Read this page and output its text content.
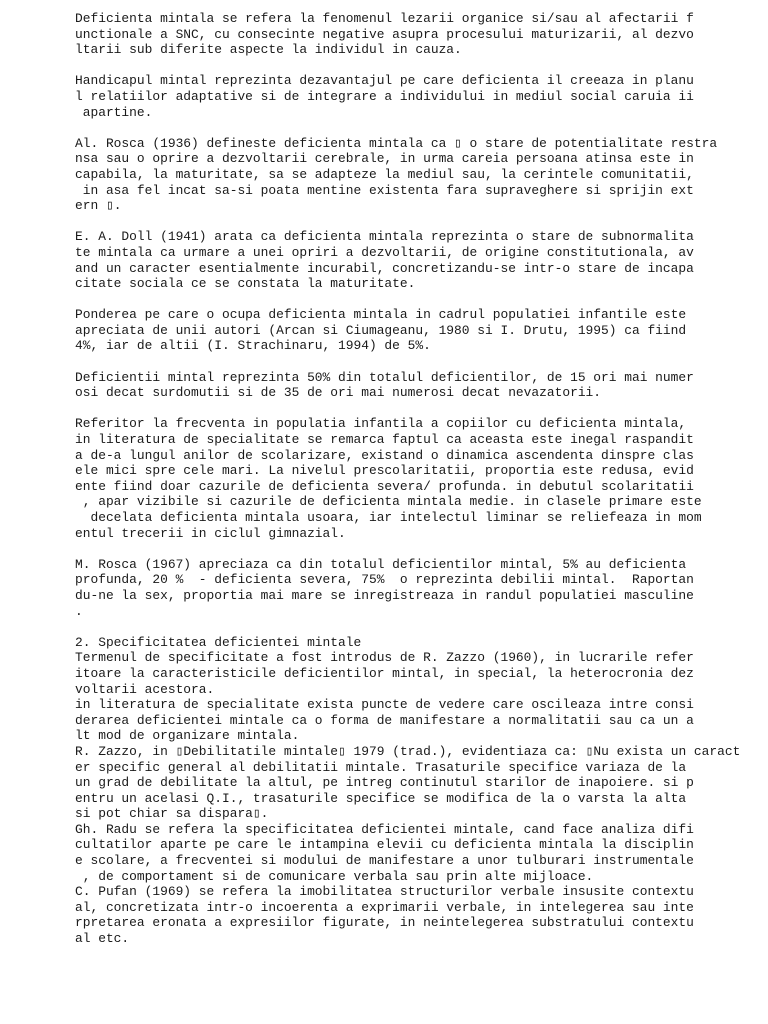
Deficienta mintala se refera la fenomenul lezarii organice si/sau al afectarii f
unctionale a SNC, cu consecinte negative asupra procesului maturizarii, al dezvo
ltarii sub diferite aspecte la individul in cauza.
Handicapul mintal reprezinta dezavantajul pe care deficienta il creeaza in planu
l relatiilor adaptative si de integrare a individului in mediul social caruia ii
apartine.
Al. Rosca (1936) defineste deficienta mintala ca ▯ o stare de potentialitate restra
nsa sau o oprire a dezvoltarii cerebrale, in urma careia persoana atinsa este in
capabila, la maturitate, sa se adapteze la mediul sau, la cerintele comunitatii,
in asa fel incat sa-si poata mentine existenta fara supraveghere si sprijin ext
ern ▯.
E. A. Doll (1941) arata ca deficienta mintala reprezinta o stare de subnormalita
te mintala ca urmare a unei opriri a dezvoltarii, de origine constitutionala, av
and un caracter esentialmente incurabil, concretizandu-se intr-o stare de incapa
citate sociala ce se constata la maturitate.
Ponderea pe care o ocupa deficienta mintala in cadrul populatiei infantile este
apreciata de unii autori (Arcan si Ciumageanu, 1980 si I. Drutu, 1995) ca fiind
4%, iar de altii (I. Strachinaru, 1994) de 5%.
Deficientii mintal reprezinta 50% din totalul deficientilor, de 15 ori mai numer
osi decat surdomutii si de 35 de ori mai numerosi decat nevazatorii.
Referitor la frecventa in populatia infantila a copiilor cu deficienta mintala,
in literatura de specialitate se remarca faptul ca aceasta este inegal raspandit
a de-a lungul anilor de scolarizare, existand o dinamica ascendenta dinspre clas
ele mici spre cele mari. La nivelul prescolaritatii, proportia este redusa, evid
ente fiind doar cazurile de deficienta severa/ profunda. in debutul scolaritatii
, apar vizibile si cazurile de deficienta mintala medie. in clasele primare este
decelata deficienta mintala usoara, iar intelectul liminar se reliefeaza in mom
entul trecerii in ciclul gimnazial.
M. Rosca (1967) apreciaza ca din totalul deficientilor mintal, 5% au deficienta
profunda, 20 %  - deficienta severa, 75%  o reprezinta debilii mintal.  Raportan
du-ne la sex, proportia mai mare se inregistreaza in randul populatiei masculine
.
2. Specificitatea deficientei mintale
Termenul de specificitate a fost introdus de R. Zazzo (1960), in lucrarile refer
itoare la caracteristicile deficientilor mintal, in special, la heterocronia dez
voltarii acestora.
in literatura de specialitate exista puncte de vedere care oscileaza intre consi
derarea deficientei mintale ca o forma de manifestare a normalitatii sau ca un a
lt mod de organizare mintala.
R. Zazzo, in ▯Debilitatile mintale▯ 1979 (trad.), evidentiaza ca: ▯Nu exista un caract
er specific general al debilitatii mintale. Trasaturile specifice variaza de la
un grad de debilitate la altul, pe intreg continutul starilor de inapoiere. si p
entru un acelasi Q.I., trasaturile specifice se modifica de la o varsta la alta
si pot chiar sa dispara▯.
Gh. Radu se refera la specificitatea deficientei mintale, cand face analiza difi
cultatilor aparte pe care le intampina elevii cu deficienta mintala la disciplin
e scolare, a frecventei si modului de manifestare a unor tulburari instrumentale
, de comportament si de comunicare verbala sau prin alte mijloace.
C. Pufan (1969) se refera la imobilitatea structurilor verbale insusite contextu
al, concretizata intr-o incoerenta a exprimarii verbale, in intelegerea sau inte
rpretarea eronata a expresiilor figurate, in neintelegerea substratului contextu
al etc.
